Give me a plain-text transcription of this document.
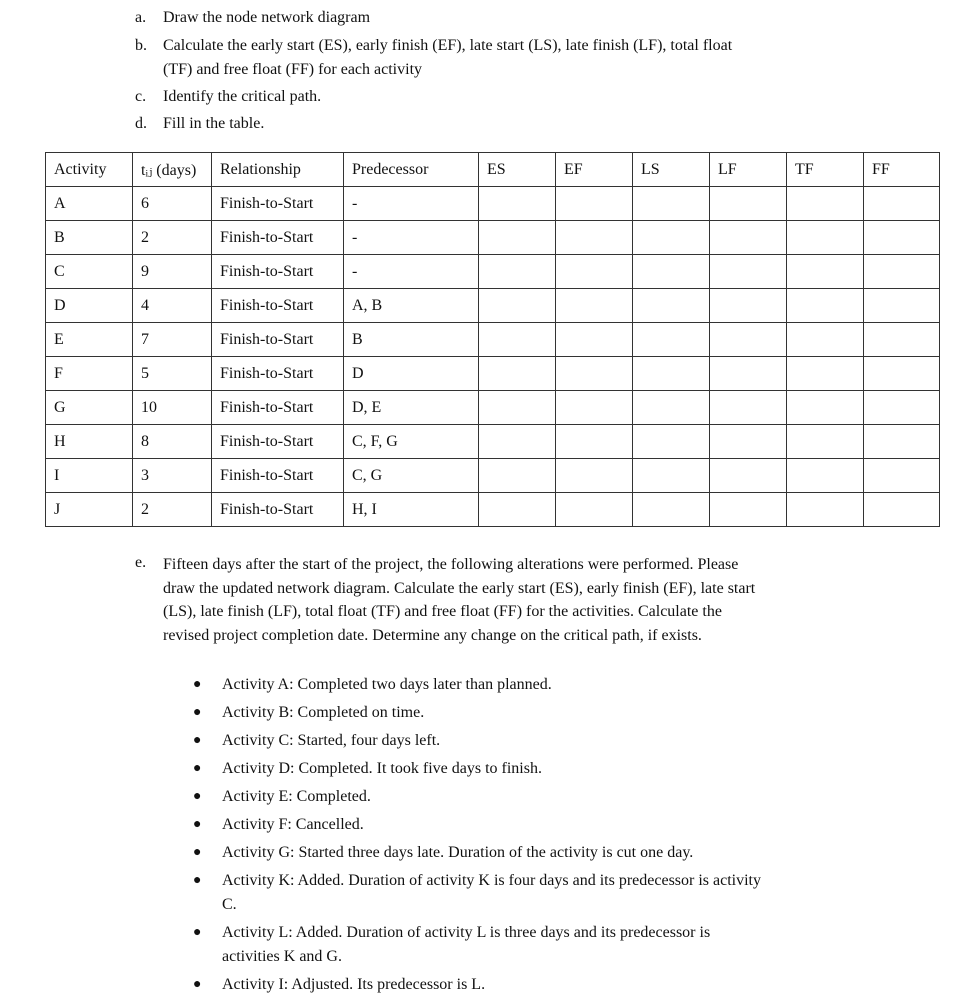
a. Draw the node network diagram
b. Calculate the early start (ES), early finish (EF), late start (LS), late finish (LF), total float
(TF) and free float (FF) for each activity
c. Identify the critical path.
d. Fill in the table.
Activity	tᵢⱼ (days)	Relationship	Predecessor	ES	EF	LS	LF	TF	FF
A	6	Finish-to-Start	-						
B	2	Finish-to-Start	-						
C	9	Finish-to-Start	-						
D	4	Finish-to-Start	A, B						
E	7	Finish-to-Start	B						
F	5	Finish-to-Start	D						
G	10	Finish-to-Start	D, E						
H	8	Finish-to-Start	C, F, G						
I	3	Finish-to-Start	C, G						
J	2	Finish-to-Start	H, I						
e. Fifteen days after the start of the project, the following alterations were performed. Please
draw the updated network diagram. Calculate the early start (ES), early finish (EF), late start
(LS), late finish (LF), total float (TF) and free float (FF) for the activities. Calculate the
revised project completion date. Determine any change on the critical path, if exists.
● Activity A: Completed two days later than planned.
● Activity B: Completed on time.
● Activity C: Started, four days left.
● Activity D: Completed. It took five days to finish.
● Activity E: Completed.
● Activity F: Cancelled.
● Activity G: Started three days late. Duration of the activity is cut one day.
● Activity K: Added. Duration of activity K is four days and its predecessor is activity
C.
● Activity L: Added. Duration of activity L is three days and its predecessor is
activities K and G.
● Activity I: Adjusted. Its predecessor is L.
